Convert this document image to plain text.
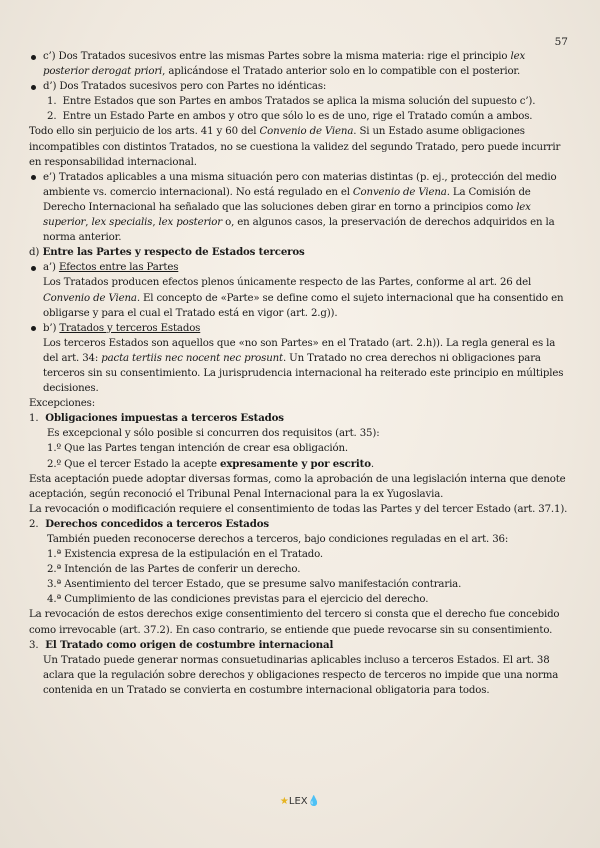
57

c’) Dos Tratados sucesivos entre las mismas Partes sobre la misma materia: rige el principio lex posterior derogat priori, aplicándose el Tratado anterior solo en lo compatible con el posterior.

d’) Dos Tratados sucesivos pero con Partes no idénticas:

1.  Entre Estados que son Partes en ambos Tratados se aplica la misma solución del supuesto c’).

2.  Entre un Estado Parte en ambos y otro que sólo lo es de uno, rige el Tratado común a ambos.

Todo ello sin perjuicio de los arts. 41 y 60 del Convenio de Viena. Si un Estado asume obligaciones incompatibles con distintos Tratados, no se cuestiona la validez del segundo Tratado, pero puede incurrir en responsabilidad internacional.

e’) Tratados aplicables a una misma situación pero con materias distintas (p. ej., protección del medio ambiente vs. comercio internacional). No está regulado en el Convenio de Viena. La Comisión de Derecho Internacional ha señalado que las soluciones deben girar en torno a principios como lex superior, lex specialis, lex posterior o, en algunos casos, la preservación de derechos adquiridos en la norma anterior.

d) Entre las Partes y respecto de Estados terceros

a’) Efectos entre las Partes

Los Tratados producen efectos plenos únicamente respecto de las Partes, conforme al art. 26 del Convenio de Viena. El concepto de «Parte» se define como el sujeto internacional que ha consentido en obligarse y para el cual el Tratado está en vigor (art. 2.g)).

b’) Tratados y terceros Estados

Los terceros Estados son aquellos que «no son Partes» en el Tratado (art. 2.h)). La regla general es la del art. 34: pacta tertiis nec nocent nec prosunt. Un Tratado no crea derechos ni obligaciones para terceros sin su consentimiento. La jurisprudencia internacional ha reiterado este principio en múltiples decisiones.

Excepciones:

1.  Obligaciones impuestas a terceros Estados

Es excepcional y sólo posible si concurren dos requisitos (art. 35):

1.º Que las Partes tengan intención de crear esa obligación.

2.º Que el tercer Estado la acepte expresamente y por escrito.

Esta aceptación puede adoptar diversas formas, como la aprobación de una legislación interna que denote aceptación, según reconoció el Tribunal Penal Internacional para la ex Yugoslavia.

La revocación o modificación requiere el consentimiento de todas las Partes y del tercer Estado (art. 37.1).

2.  Derechos concedidos a terceros Estados

También pueden reconocerse derechos a terceros, bajo condiciones reguladas en el art. 36:

1.ª Existencia expresa de la estipulación en el Tratado.

2.ª Intención de las Partes de conferir un derecho.

3.ª Asentimiento del tercer Estado, que se presume salvo manifestación contraria.

4.ª Cumplimiento de las condiciones previstas para el ejercicio del derecho.

La revocación de estos derechos exige consentimiento del tercero si consta que el derecho fue concebido como irrevocable (art. 37.2). En caso contrario, se entiende que puede revocarse sin su consentimiento.

3.  El Tratado como origen de costumbre internacional

Un Tratado puede generar normas consuetudinarias aplicables incluso a terceros Estados. El art. 38 aclara que la regulación sobre derechos y obligaciones respecto de terceros no impide que una norma contenida en un Tratado se convierta en costumbre internacional obligatoria para todos.

★LEX💧
